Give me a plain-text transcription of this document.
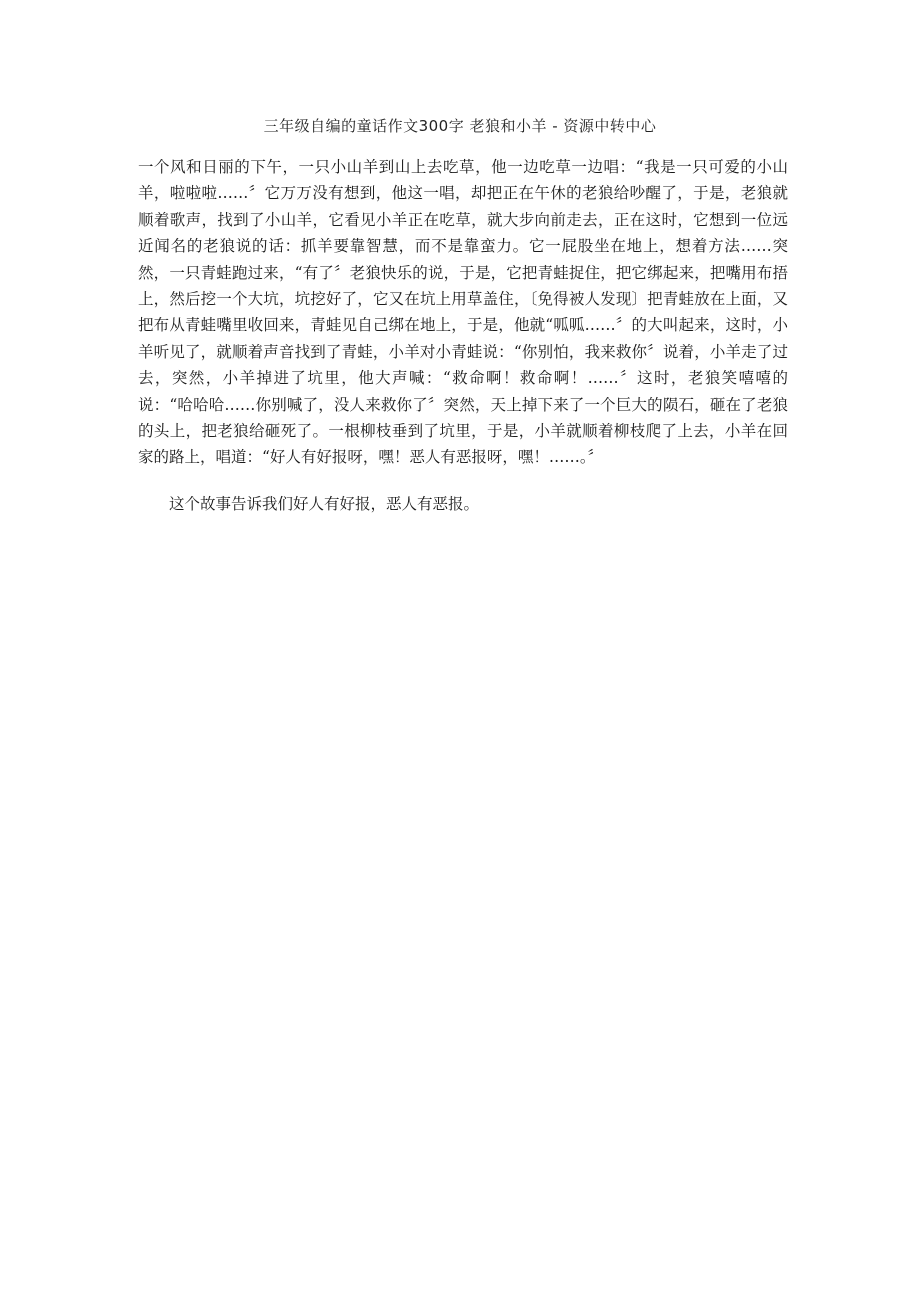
三年级自编的童话作文300字 老狼和小羊 - 资源中转中心

一个风和日丽的下午，一只小山羊到山上去吃草，他一边吃草一边唱：“我是一只可爱的小山羊，啦啦啦……〞它万万没有想到，他这一唱，却把正在午休的老狼给吵醒了，于是，老狼就顺着歌声，找到了小山羊，它看见小羊正在吃草，就大步向前走去，正在这时，它想到一位远近闻名的老狼说的话：抓羊要靠智慧，而不是靠蛮力。它一屁股坐在地上，想着方法……突然，一只青蛙跑过来，“有了〞老狼快乐的说，于是，它把青蛙捉住，把它绑起来，把嘴用布捂上，然后挖一个大坑，坑挖好了，它又在坑上用草盖住，〔免得被人发现〕把青蛙放在上面，又把布从青蛙嘴里收回来，青蛙见自己绑在地上，于是，他就“呱呱……〞的大叫起来，这时，小羊听见了，就顺着声音找到了青蛙，小羊对小青蛙说：“你别怕，我来救你〞说着，小羊走了过去，突然，小羊掉进了坑里，他大声喊：“救命啊！救命啊！……〞这时，老狼笑嘻嘻的说：“哈哈哈……你别喊了，没人来救你了〞突然，天上掉下来了一个巨大的陨石，砸在了老狼的头上，把老狼给砸死了。一根柳枝垂到了坑里，于是，小羊就顺着柳枝爬了上去，小羊在回家的路上，唱道：“好人有好报呀，嘿！恶人有恶报呀，嘿！……。〞

这个故事告诉我们好人有好报，恶人有恶报。
